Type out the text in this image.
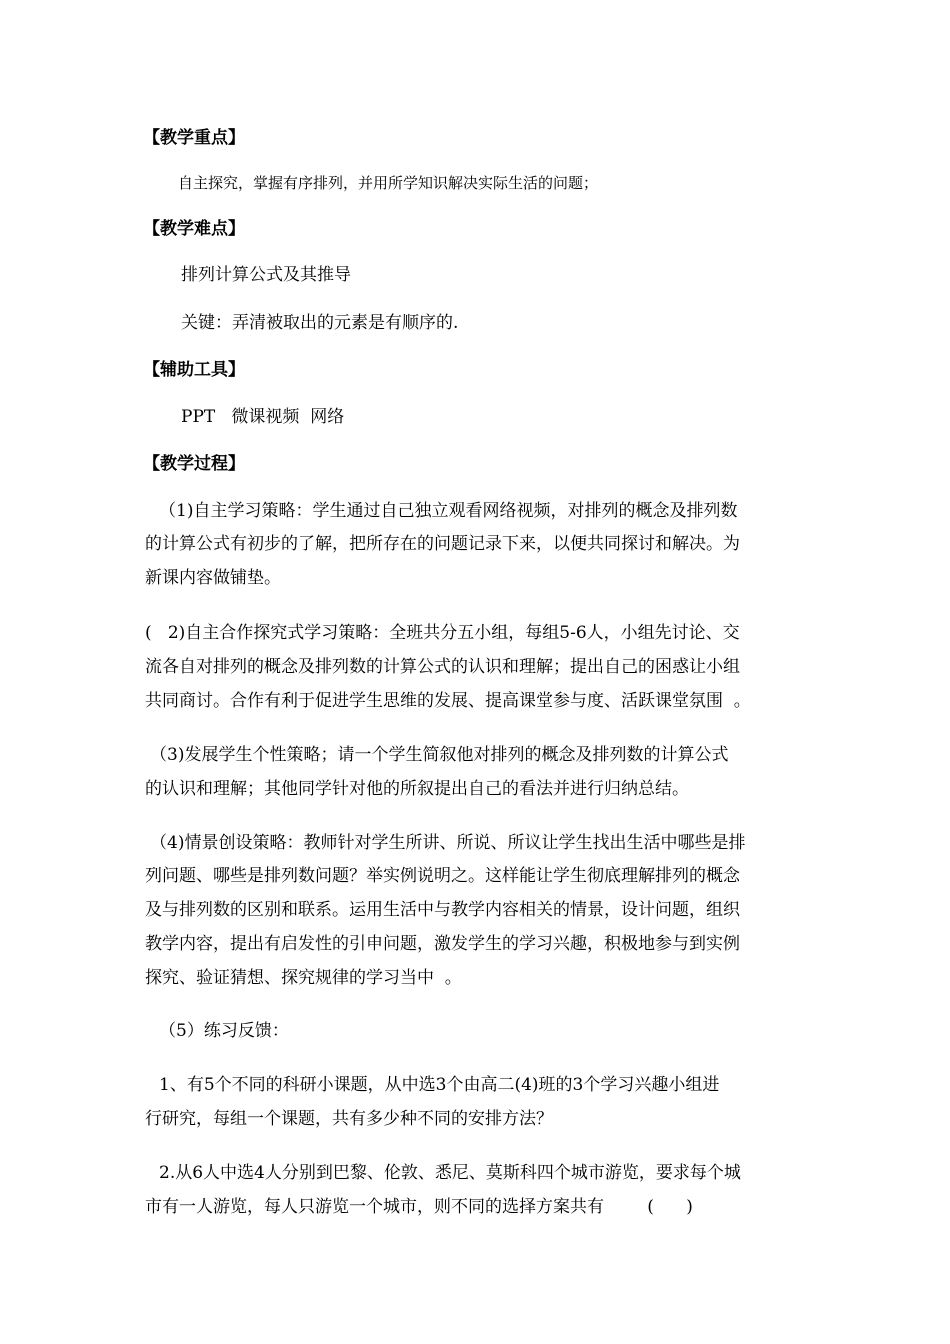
【教学重点】
自主探究，掌握有序排列，并用所学知识解决实际生活的问题；
【教学难点】
排列计算公式及其推导
关键：弄清被取出的元素是有顺序的.
【辅助工具】
PPT   微课视频  网络
【教学过程】
（1)自主学习策略：学生通过自己独立观看网络视频，对排列的概念及排列数
的计算公式有初步的了解，把所存在的问题记录下来，以便共同探讨和解决。为
新课内容做铺垫。
(   2)自主合作探究式学习策略：全班共分五小组，每组5-6人，小组先讨论、交
流各自对排列的概念及排列数的计算公式的认识和理解；提出自己的困惑让小组
共同商讨。合作有利于促进学生思维的发展、提高课堂参与度、活跃课堂氛围  。
（3)发展学生个性策略；请一个学生简叙他对排列的概念及排列数的计算公式
的认识和理解；其他同学针对他的所叙提出自己的看法并进行归纳总结。
（4)情景创设策略：教师针对学生所讲、所说、所议让学生找出生活中哪些是排
列问题、哪些是排列数问题？举实例说明之。这样能让学生彻底理解排列的概念
及与排列数的区别和联系。运用生活中与教学内容相关的情景，设计问题，组织
教学内容，提出有启发性的引申问题，激发学生的学习兴趣，积极地参与到实例
探究、验证猜想、探究规律的学习当中  。
（5）练习反馈：
1、有5个不同的科研小课题，从中选3个由高二(4)班的3个学习兴趣小组进
行研究，每组一个课题，共有多少种不同的安排方法？
2.从6人中选4人分别到巴黎、伦敦、悉尼、莫斯科四个城市游览，要求每个城
市有一人游览，每人只游览一个城市，则不同的选择方案共有        (      )
